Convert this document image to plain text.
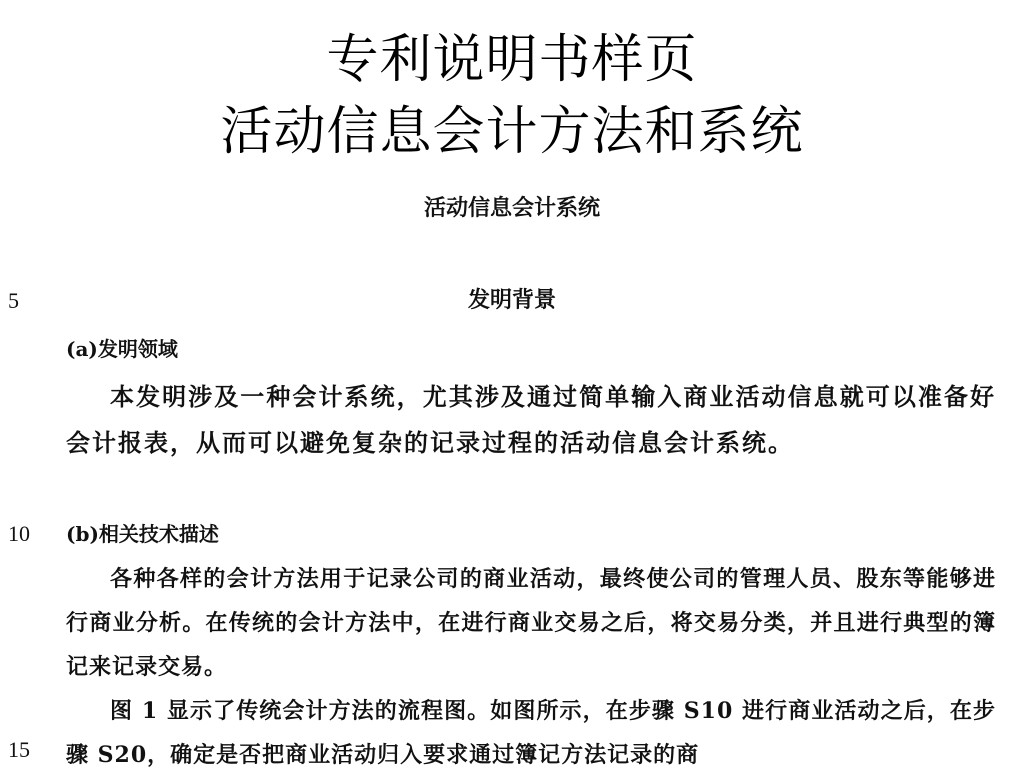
专利说明书样页
活动信息会计方法和系统
活动信息会计系统
5	发明背景
(a)发明领域

本发明涉及一种会计系统，尤其涉及通过简单输入商业活动信息就可以准备好会计报表，从而可以避免复杂的记录过程的活动信息会计系统。

10 (b)相关技术描述

各种各样的会计方法用于记录公司的商业活动，最终使公司的管理人员、股东等能够进行商业分析。在传统的会计方法中，在进行商业交易之后，将交易分类，并且进行典型的簿记来记录交易。

15

图 1 显示了传统会计方法的流程图。如图所示，在步骤 S10 进行商业活动之后，在步骤 S20，确定是否把商业活动归入要求通过簿记方法记录的商
